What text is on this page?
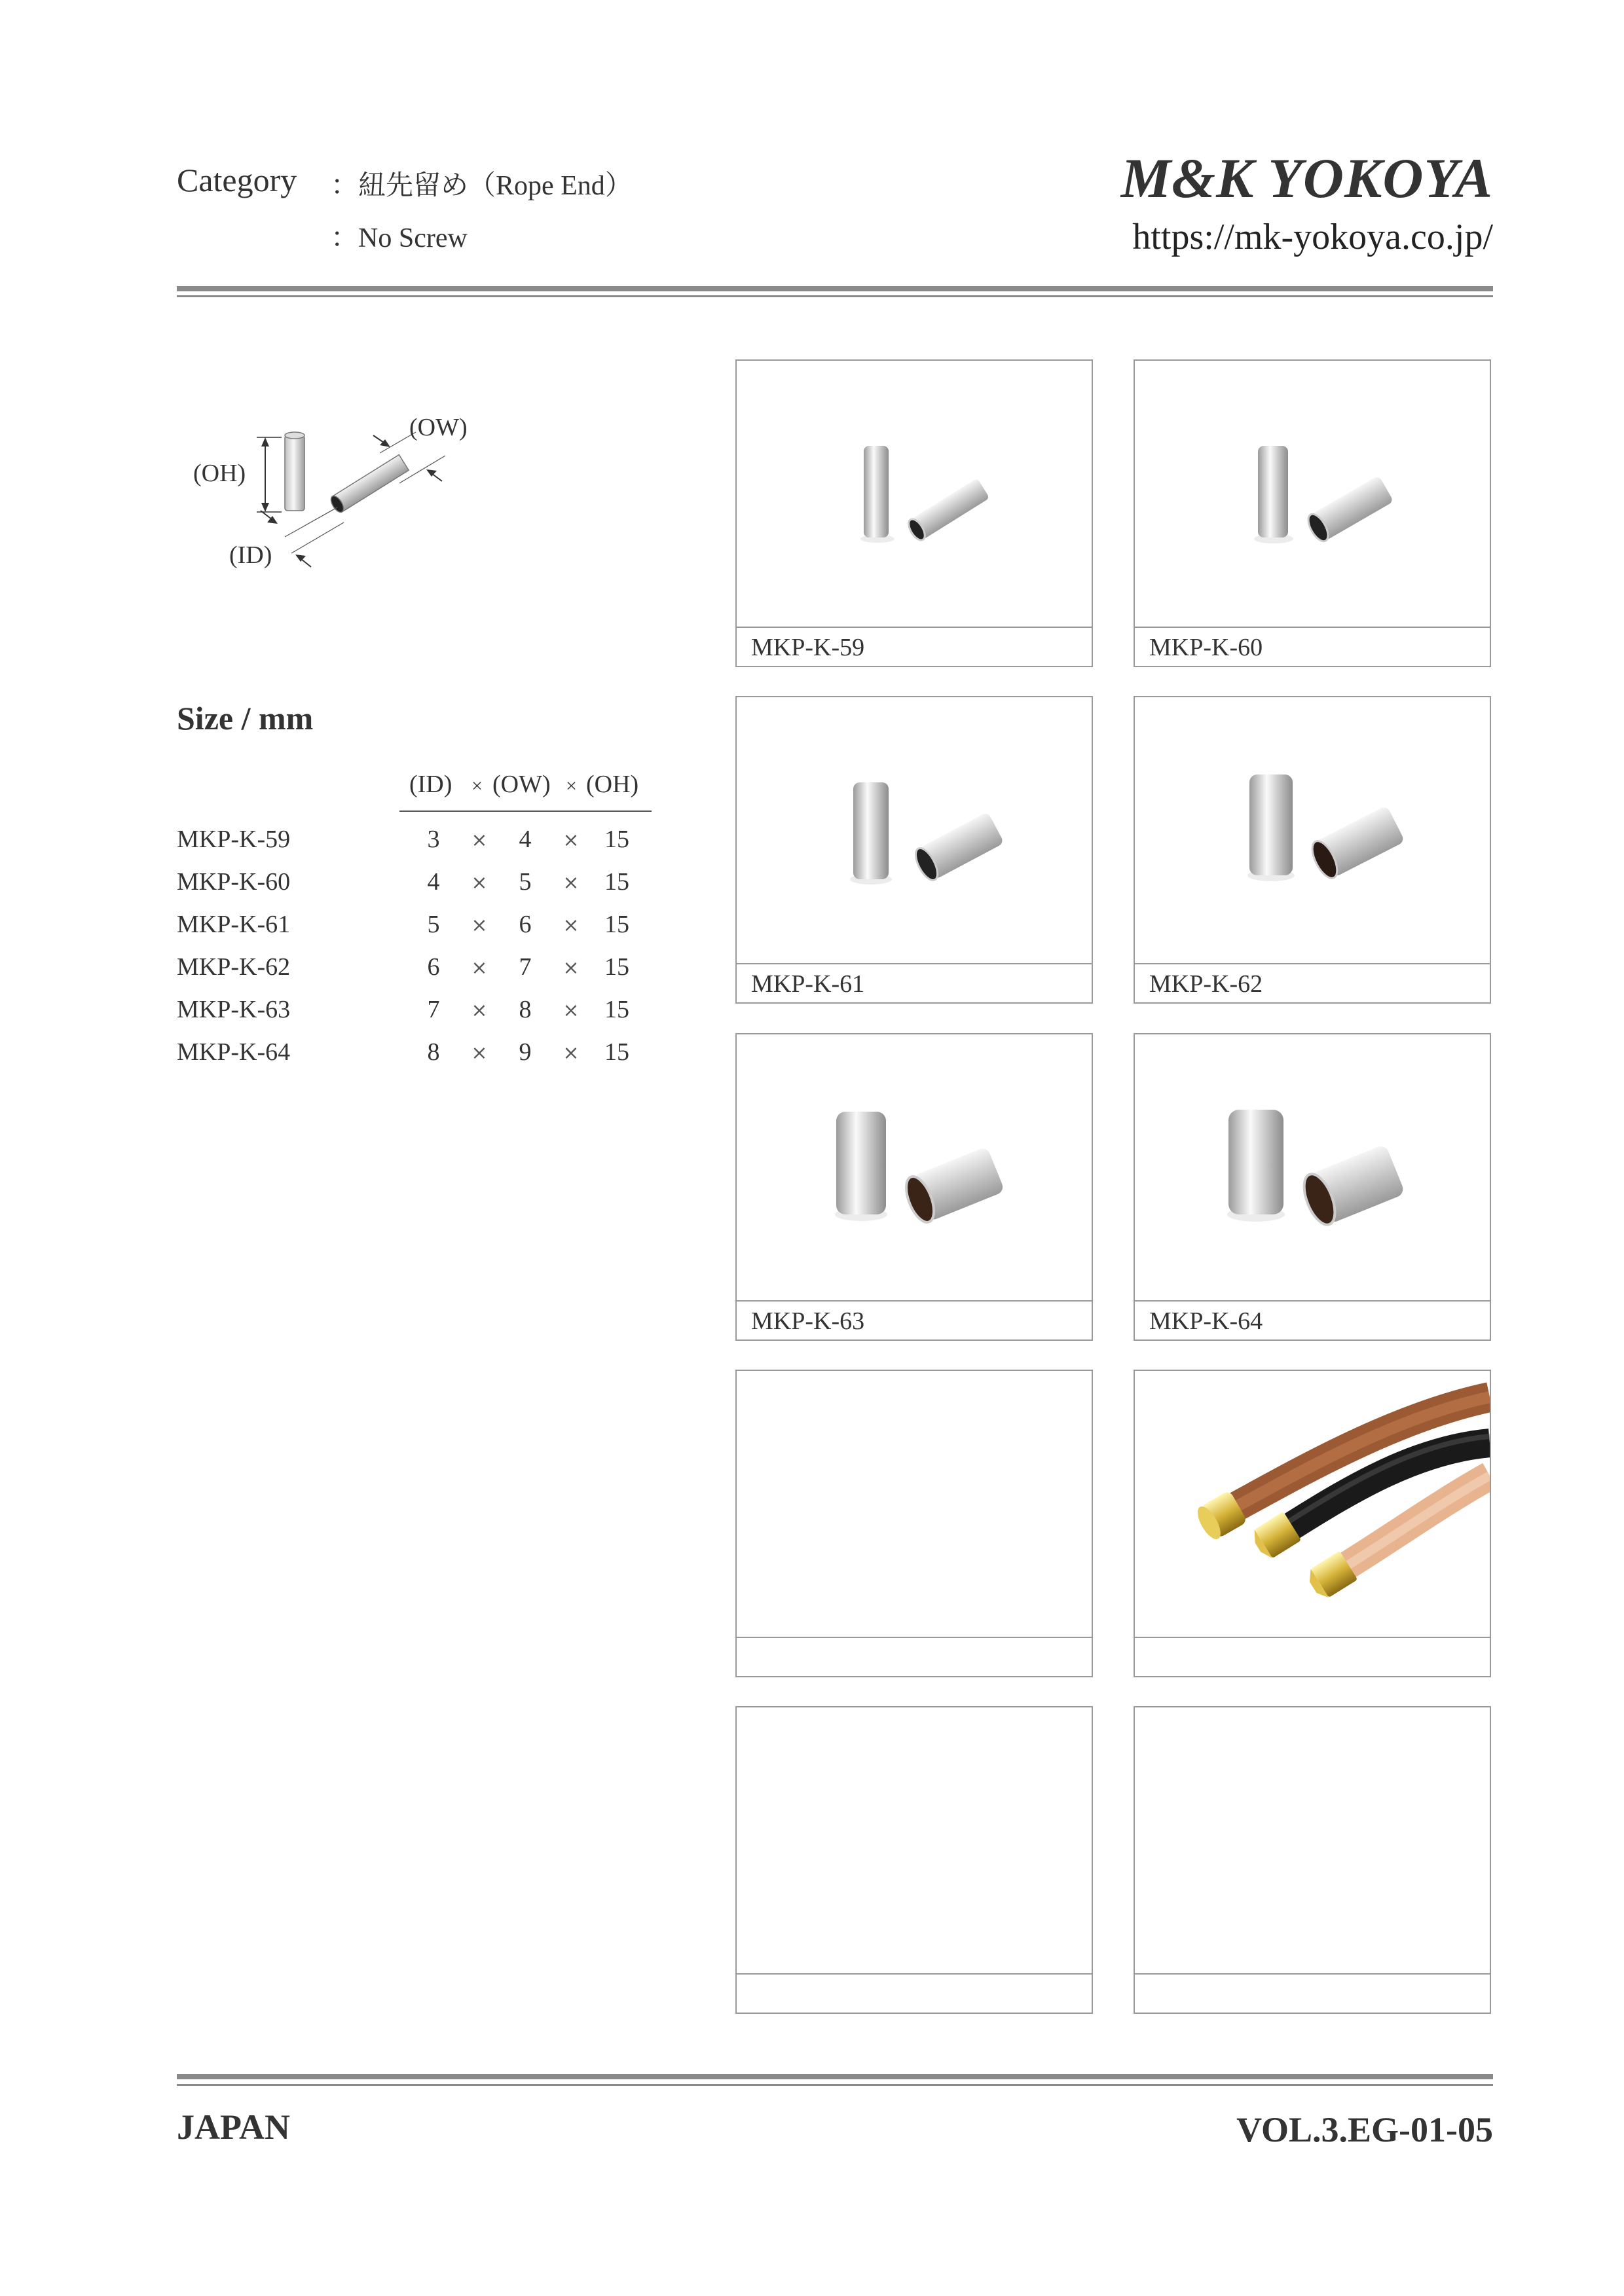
Category ：紐先留め（Rope End）
：No Screw
M&K YOKOYA
https://mk-yokoya.co.jp/
(OW)
(OH)
(ID)
Size / mm
(ID) × (OW) × (OH)
MKP-K-59	3	×	4	× 15
MKP-K-60	4	×	5	× 15
MKP-K-61	5	×	6	× 15
MKP-K-62	6	×	7	× 15
MKP-K-63	7	×	8	× 15
MKP-K-64	8	×	9	× 15
MKP-K-59	MKP-K-60
MKP-K-61	MKP-K-62
MKP-K-63	MKP-K-64
JAPAN	VOL.3.EG-01-05
